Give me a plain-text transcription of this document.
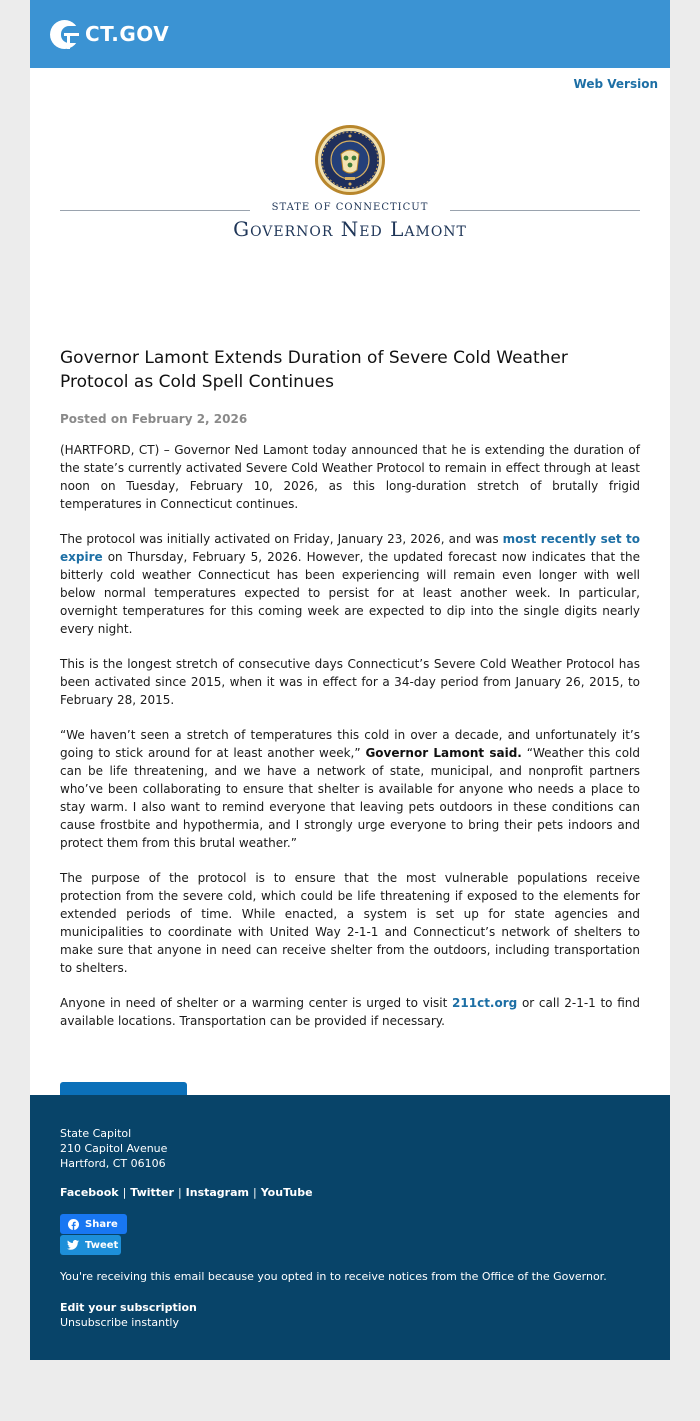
CT.GOV
Web Version
STATE OF CONNECTICUT
Governor Ned Lamont
Governor Lamont Extends Duration of Severe Cold Weather Protocol as Cold Spell Continues
Posted on February 2, 2026

(HARTFORD, CT) – Governor Ned Lamont today announced that he is extending the duration of the state’s currently activated Severe Cold Weather Protocol to remain in effect through at least noon on Tuesday, February 10, 2026, as this long-duration stretch of brutally frigid temperatures in Connecticut continues.

The protocol was initially activated on Friday, January 23, 2026, and was most recently set to expire on Thursday, February 5, 2026. However, the updated forecast now indicates that the bitterly cold weather Connecticut has been experiencing will remain even longer with well below normal temperatures expected to persist for at least another week. In particular, overnight temperatures for this coming week are expected to dip into the single digits nearly every night.

This is the longest stretch of consecutive days Connecticut’s Severe Cold Weather Protocol has been activated since 2015, when it was in effect for a 34-day period from January 26, 2015, to February 28, 2015.

“We haven’t seen a stretch of temperatures this cold in over a decade, and unfortunately it’s going to stick around for at least another week,” Governor Lamont said. “Weather this cold can be life threatening, and we have a network of state, municipal, and nonprofit partners who’ve been collaborating to ensure that shelter is available for anyone who needs a place to stay warm. I also want to remind everyone that leaving pets outdoors in these conditions can cause frostbite and hypothermia, and I strongly urge everyone to bring their pets indoors and protect them from this brutal weather.”

The purpose of the protocol is to ensure that the most vulnerable populations receive protection from the severe cold, which could be life threatening if exposed to the elements for extended periods of time. While enacted, a system is set up for state agencies and municipalities to coordinate with United Way 2-1-1 and Connecticut’s network of shelters to make sure that anyone in need can receive shelter from the outdoors, including transportation to shelters.

Anyone in need of shelter or a warming center is urged to visit 211ct.org or call 2-1-1 to find available locations. Transportation can be provided if necessary.

State Capitol
210 Capitol Avenue
Hartford, CT 06106
Facebook | Twitter | Instagram | YouTube
Share
Tweet
You're receiving this email because you opted in to receive notices from the Office of the Governor.
Edit your subscription
Unsubscribe instantly
